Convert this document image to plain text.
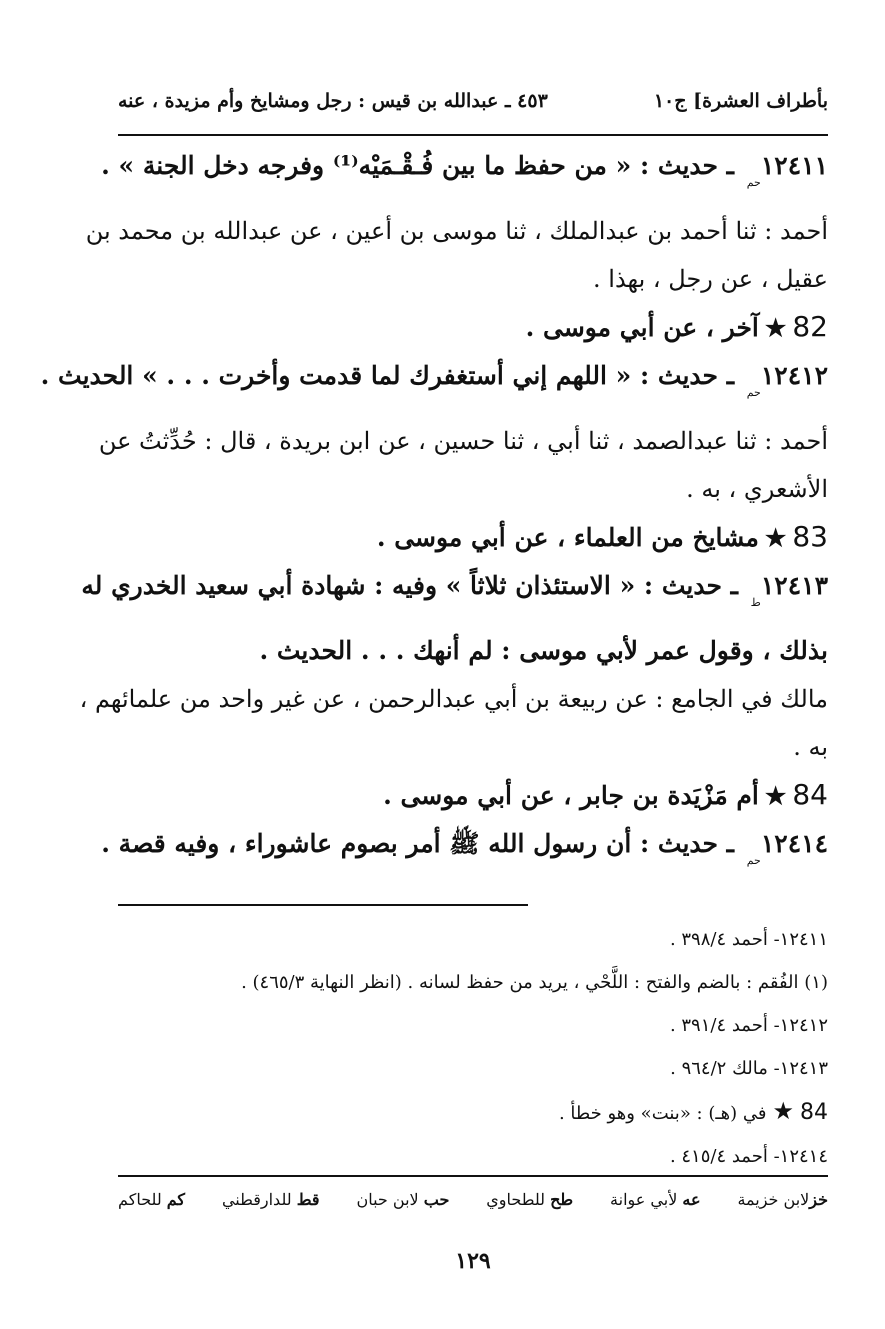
بأطراف العشرة] ج١٠
٤٥٣ ـ عبدالله بن قيس : رجل ومشايخ وأم مزيدة ، عنه

$١٢٤١١_{حم}$ ـ حديث : « من حفظ ما بين فُـقْـمَيْه⁽¹⁾ وفرجه دخل الجنة » .

أحمد : ثنا أحمد بن عبدالملك ، ثنا موسى بن أعين ، عن عبدالله بن محمد بن

عقيل ، عن رجل ، بهذا .

82★آخر ، عن أبي موسى .

$١٢٤١٢_{حم}$ ـ حديث : « اللهم إني أستغفرك لما قدمت وأخرت . . . » الحديث .

أحمد : ثنا عبدالصمد ، ثنا أبي ، ثنا حسين ، عن ابن بريدة ، قال : حُدِّثتُ عن

الأشعري ، به .

83★مشايخ من العلماء ، عن أبي موسى .

$١٢٤١٣_ط$ ـ حديث : « الاستئذان ثلاثاً » وفيه : شهادة أبي سعيد الخدري له

بذلك ، وقول عمر لأبي موسى : لم أنهك . . . الحديث .

مالك في الجامع : عن ربيعة بن أبي عبدالرحمن ، عن غير واحد من علمائهم ،

به .

84★أم مَزْيَدة بن جابر ، عن أبي موسى .

$١٢٤١٤_{حم}$ ـ حديث : أن رسول الله ﷺ أمر بصوم عاشوراء ، وفيه قصة .

١٢٤١١- أحمد ٣٩٨/٤ .

(١) الفُقم : بالضم والفتح : اللَّحْي ، يريد من حفظ لسانه . (انظر النهاية ٤٦٥/٣) .

١٢٤١٢- أحمد ٣٩١/٤ .

١٢٤١٣- مالك ٩٦٤/٢ .

84★في (هـ) : «بنت» وهو خطأ .

١٢٤١٤- أحمد ٤١٥/٤ .

خزلابن خزيمة
عه لأبي عوانة
طح للطحاوي
حب لابن حبان
قط للدارقطني
كم للحاكم
١٢٩
